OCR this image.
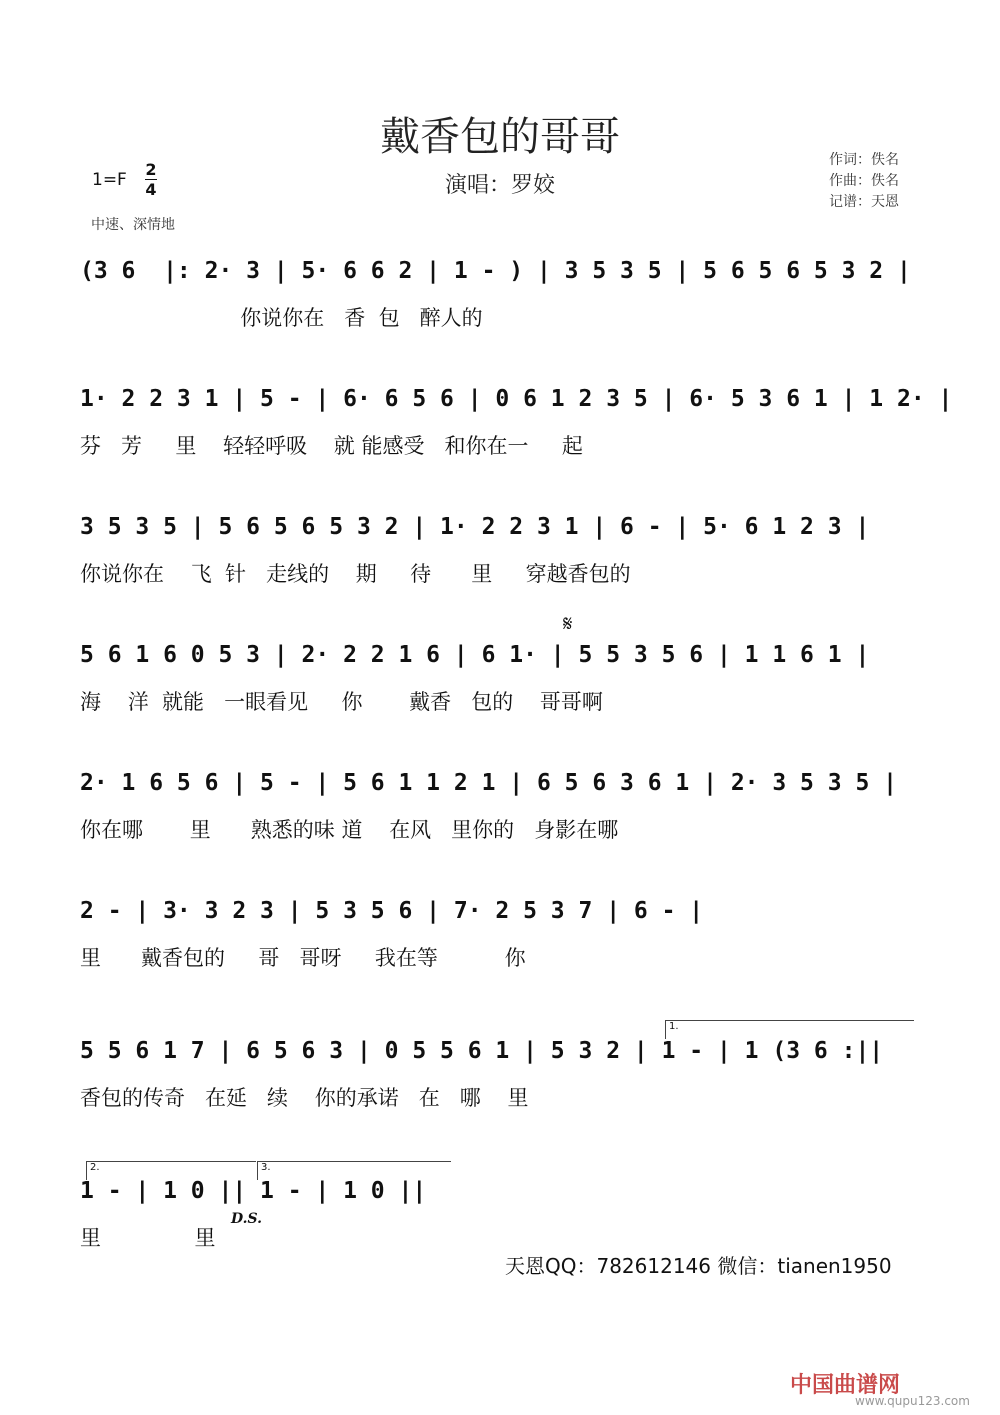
戴香包的哥哥
演唱：罗姣
1=F
2
4
中速、深情地
作词：佚名
作曲：佚名
记谱：天恩
(3 6  |: 2· 3 | 5· 6 6 2 | 1 - ) | 3 5 3 5 | 5 6 5 6 5 3 2 |
你说你在   香  包   醉人的
1· 2 2 3 1 | 5 - | 6· 6 5 6 | 0 6 1 2 3 5 | 6· 5 3 6 1 | 1 2· |
芬   芳     里    轻轻呼吸    就 能感受   和你在一     起
3 5 3 5 | 5 6 5 6 5 3 2 | 1· 2 2 3 1 | 6 - | 5· 6 1 2 3 |
你说你在    飞  针   走线的    期     待      里     穿越香包的
𝄋
5 6 1 6 0 5 3 | 2· 2 2 1 6 | 6 1· | 5 5 3 5 6 | 1 1 6 1 |
海    洋  就能   一眼看见     你       戴香   包的    哥哥啊
2· 1 6 5 6 | 5 - | 5 6 1 1 2 1 | 6 5 6 3 6 1 | 2· 3 5 3 5 |
你在哪       里      熟悉的味 道    在风   里你的   身影在哪
2 - | 3· 3 2 3 | 5 3 5 6 | 7· 2 5 3 7 | 6 - |
里      戴香包的     哥   哥呀     我在等          你
1.
5 5 6 1 7 | 6 5 6 3 | 0 5 5 6 1 | 5 3 2 | 1 - | 1 (3 6 :||
香包的传奇   在延   续    你的承诺   在   哪    里
2.	3.
1 - | 1 0 || 1 - | 1 0 ||
D.S.
里              里
天恩QQ：782612146 微信：tianen1950
中国曲谱网
www.qupu123.com
